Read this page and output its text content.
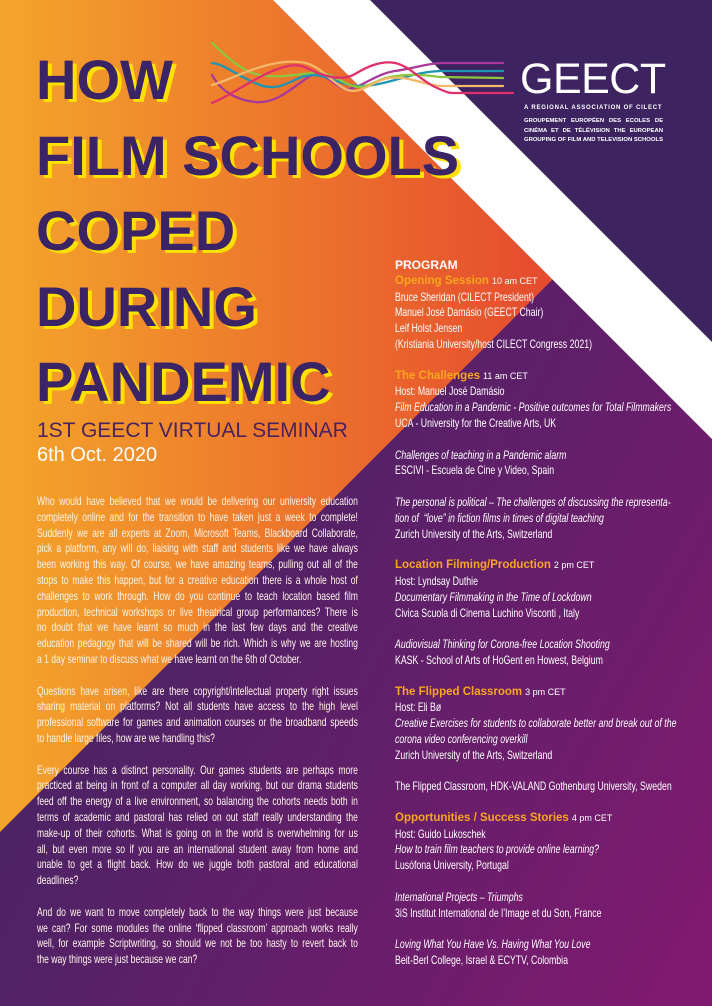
GEECT
A REGIONAL ASSOCIATION OF CILECT
GROUPEMENT EUROPÉEN DES ECOLES DE
CINÉMA ET DE TÉLÉVISION THE EUROPEAN
GROUPING OF FILM AND TELEVISION SCHOOLS
HOW
FILM SCHOOLS
COPED
DURING
PANDEMIC
1ST GEECT VIRTUAL SEMINAR
6th Oct. 2020
Who would have believed that we would be delivering our university education
completely online and for the transition to have taken just a week to complete!
Suddenly we are all experts at Zoom, Microsoft Teams, Blackboard Collaborate,
pick a platform, any will do, liaising with staff and students like we have always
been working this way. Of course, we have amazing teams, pulling out all of the
stops to make this happen, but for a creative education there is a whole host of
challenges to work through. How do you continue to teach location based film
production, technical workshops or live theatrical group performances? There is
no doubt that we have learnt so much in the last few days and the creative
education pedagogy that will be shared will be rich. Which is why we are hosting
a 1 day seminar to discuss what we have learnt on the 6th of October.
Questions have arisen, like are there copyright/intellectual property right issues
sharing material on platforms? Not all students have access to the high level
professional software for games and animation courses or the broadband speeds
to handle large files, how are we handling this?
Every course has a distinct personality. Our games students are perhaps more
practiced at being in front of a computer all day working, but our drama students
feed off the energy of a live environment, so balancing the cohorts needs both in
terms of academic and pastoral has relied on out staff really understanding the
make-up of their cohorts. What is going on in the world is overwhelming for us
all, but even more so if you are an international student away from home and
unable to get a flight back. How do we juggle both pastoral and educational
deadlines?
And do we want to move completely back to the way things were just because
we can? For some modules the online ‘flipped classroom’ approach works really
well, for example Scriptwriting, so should we not be too hasty to revert back to
the way things were just because we can?
PROGRAM
Opening Session 10 am CET
Bruce Sheridan (CILECT President)
Manuel José Damásio (GEECT Chair)
Leif Holst Jensen
(Kristiania University/host CILECT Congress 2021)
The Challenges 11 am CET
Host: Manuel José Damásio
Film Education in a Pandemic - Positive outcomes for Total Filmmakers
UCA - University for the Creative Arts, UK
Challenges of teaching in a Pandemic alarm
ESCIVI - Escuela de Cine y Video, Spain
The personal is political – The challenges of discussing the representa-
tion of  “love” in fiction films in times of digital teaching
Zurich University of the Arts, Switzerland
Location Filming/Production 2 pm CET
Host: Lyndsay Duthie
Documentary Filmmaking in the Time of Lockdown
Civica Scuola di Cinema Luchino Visconti , Italy
Audiovisual Thinking for Corona-free Location Shooting
KASK - School of Arts of HoGent en Howest, Belgium
The Flipped Classroom 3 pm CET
Host: Eli Bø
Creative Exercises for students to collaborate better and break out of the
corona video conferencing overkill
Zurich University of the Arts, Switzerland
The Flipped Classroom, HDK-VALAND Gothenburg University, Sweden
Opportunities / Success Stories 4 pm CET
Host: Guido Lukoschek
How to train film teachers to provide online learning?
Lusófona University, Portugal
International Projects – Triumphs
3iS Institut International de l’Image et du Son, France
Loving What You Have Vs. Having What You Love
Beit-Berl College, Israel & ECYTV, Colombia
